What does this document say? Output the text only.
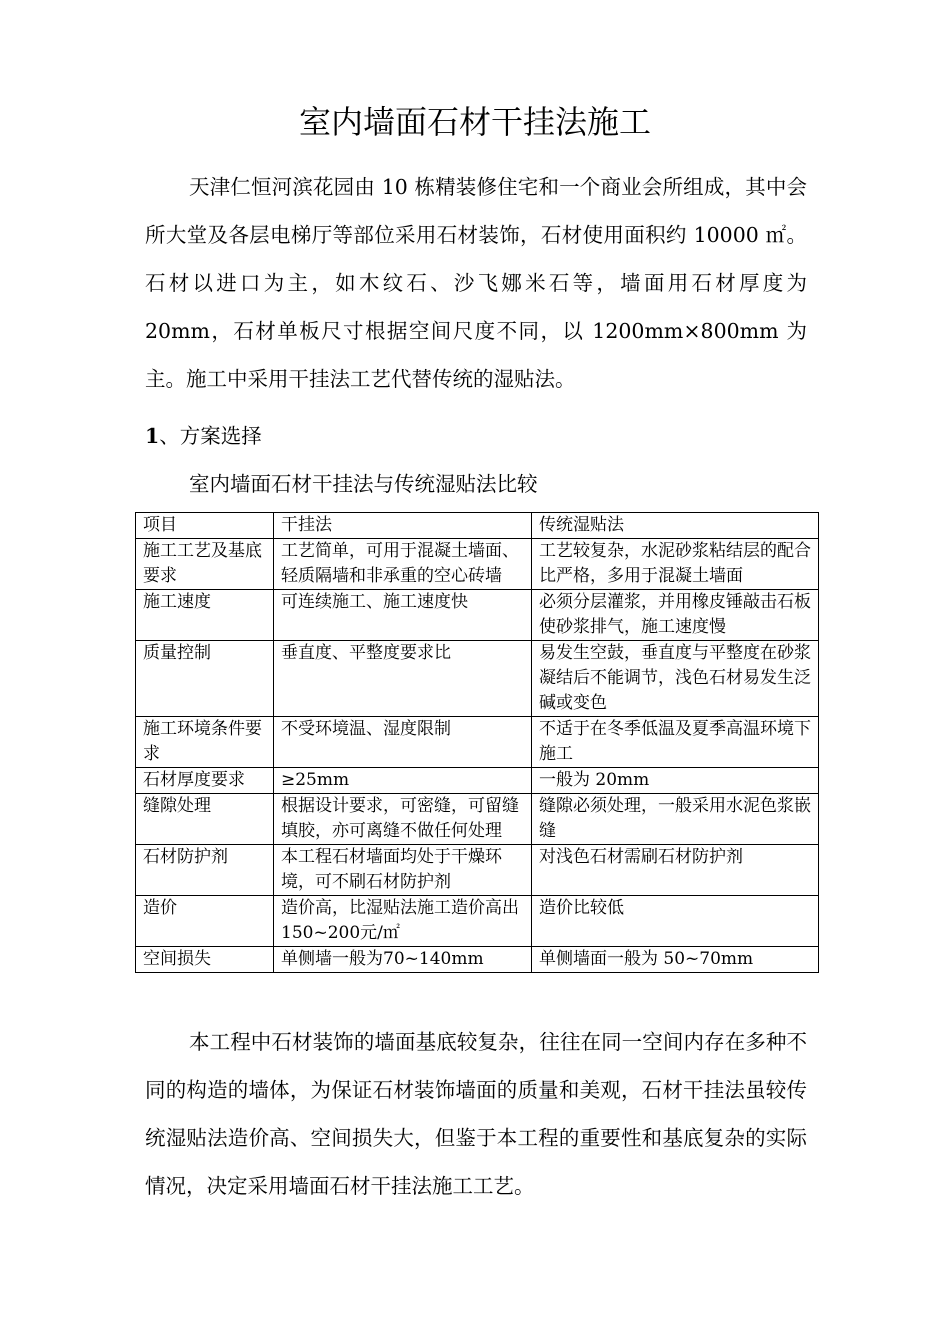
室内墙面石材干挂法施工
天津仁恒河滨花园由 10 栋精装修住宅和一个商业会所组成，其中会所大堂及各层电梯厅等部位采用石材装饰，石材使用面积约 10000 ㎡。石材以进口为主，如木纹石、沙飞娜米石等，墙面用石材厚度为 20mm，石材单板尺寸根据空间尺度不同，以 1200mm×800mm 为主。施工中采用干挂法工艺代替传统的湿贴法。
1、方案选择
室内墙面石材干挂法与传统湿贴法比较
项目	干挂法	传统湿贴法
施工工艺及基底要求	工艺简单，可用于混凝土墙面、轻质隔墙和非承重的空心砖墙	工艺较复杂，水泥砂浆粘结层的配合比严格，多用于混凝土墙面
施工速度	可连续施工、施工速度快	必须分层灌浆，并用橡皮锤敲击石板使砂浆排气，施工速度慢
质量控制	垂直度、平整度要求比	易发生空鼓，垂直度与平整度在砂浆凝结后不能调节，浅色石材易发生泛碱或变色
施工环境条件要求	不受环境温、湿度限制	不适于在冬季低温及夏季高温环境下施工
石材厚度要求	≥25mm	一般为 20mm
缝隙处理	根据设计要求，可密缝，可留缝填胶，亦可离缝不做任何处理	缝隙必须处理，一般采用水泥色浆嵌缝
石材防护剂	本工程石材墙面均处于干燥环境，可不刷石材防护剂	对浅色石材需刷石材防护剂
造价	造价高，比湿贴法施工造价高出 150~200元/㎡	造价比较低
空间损失	单侧墙一般为70~140mm	单侧墙面一般为 50~70mm
本工程中石材装饰的墙面基底较复杂，往往在同一空间内存在多种不同的构造的墙体，为保证石材装饰墙面的质量和美观，石材干挂法虽较传统湿贴法造价高、空间损失大，但鉴于本工程的重要性和基底复杂的实际情况，决定采用墙面石材干挂法施工工艺。
